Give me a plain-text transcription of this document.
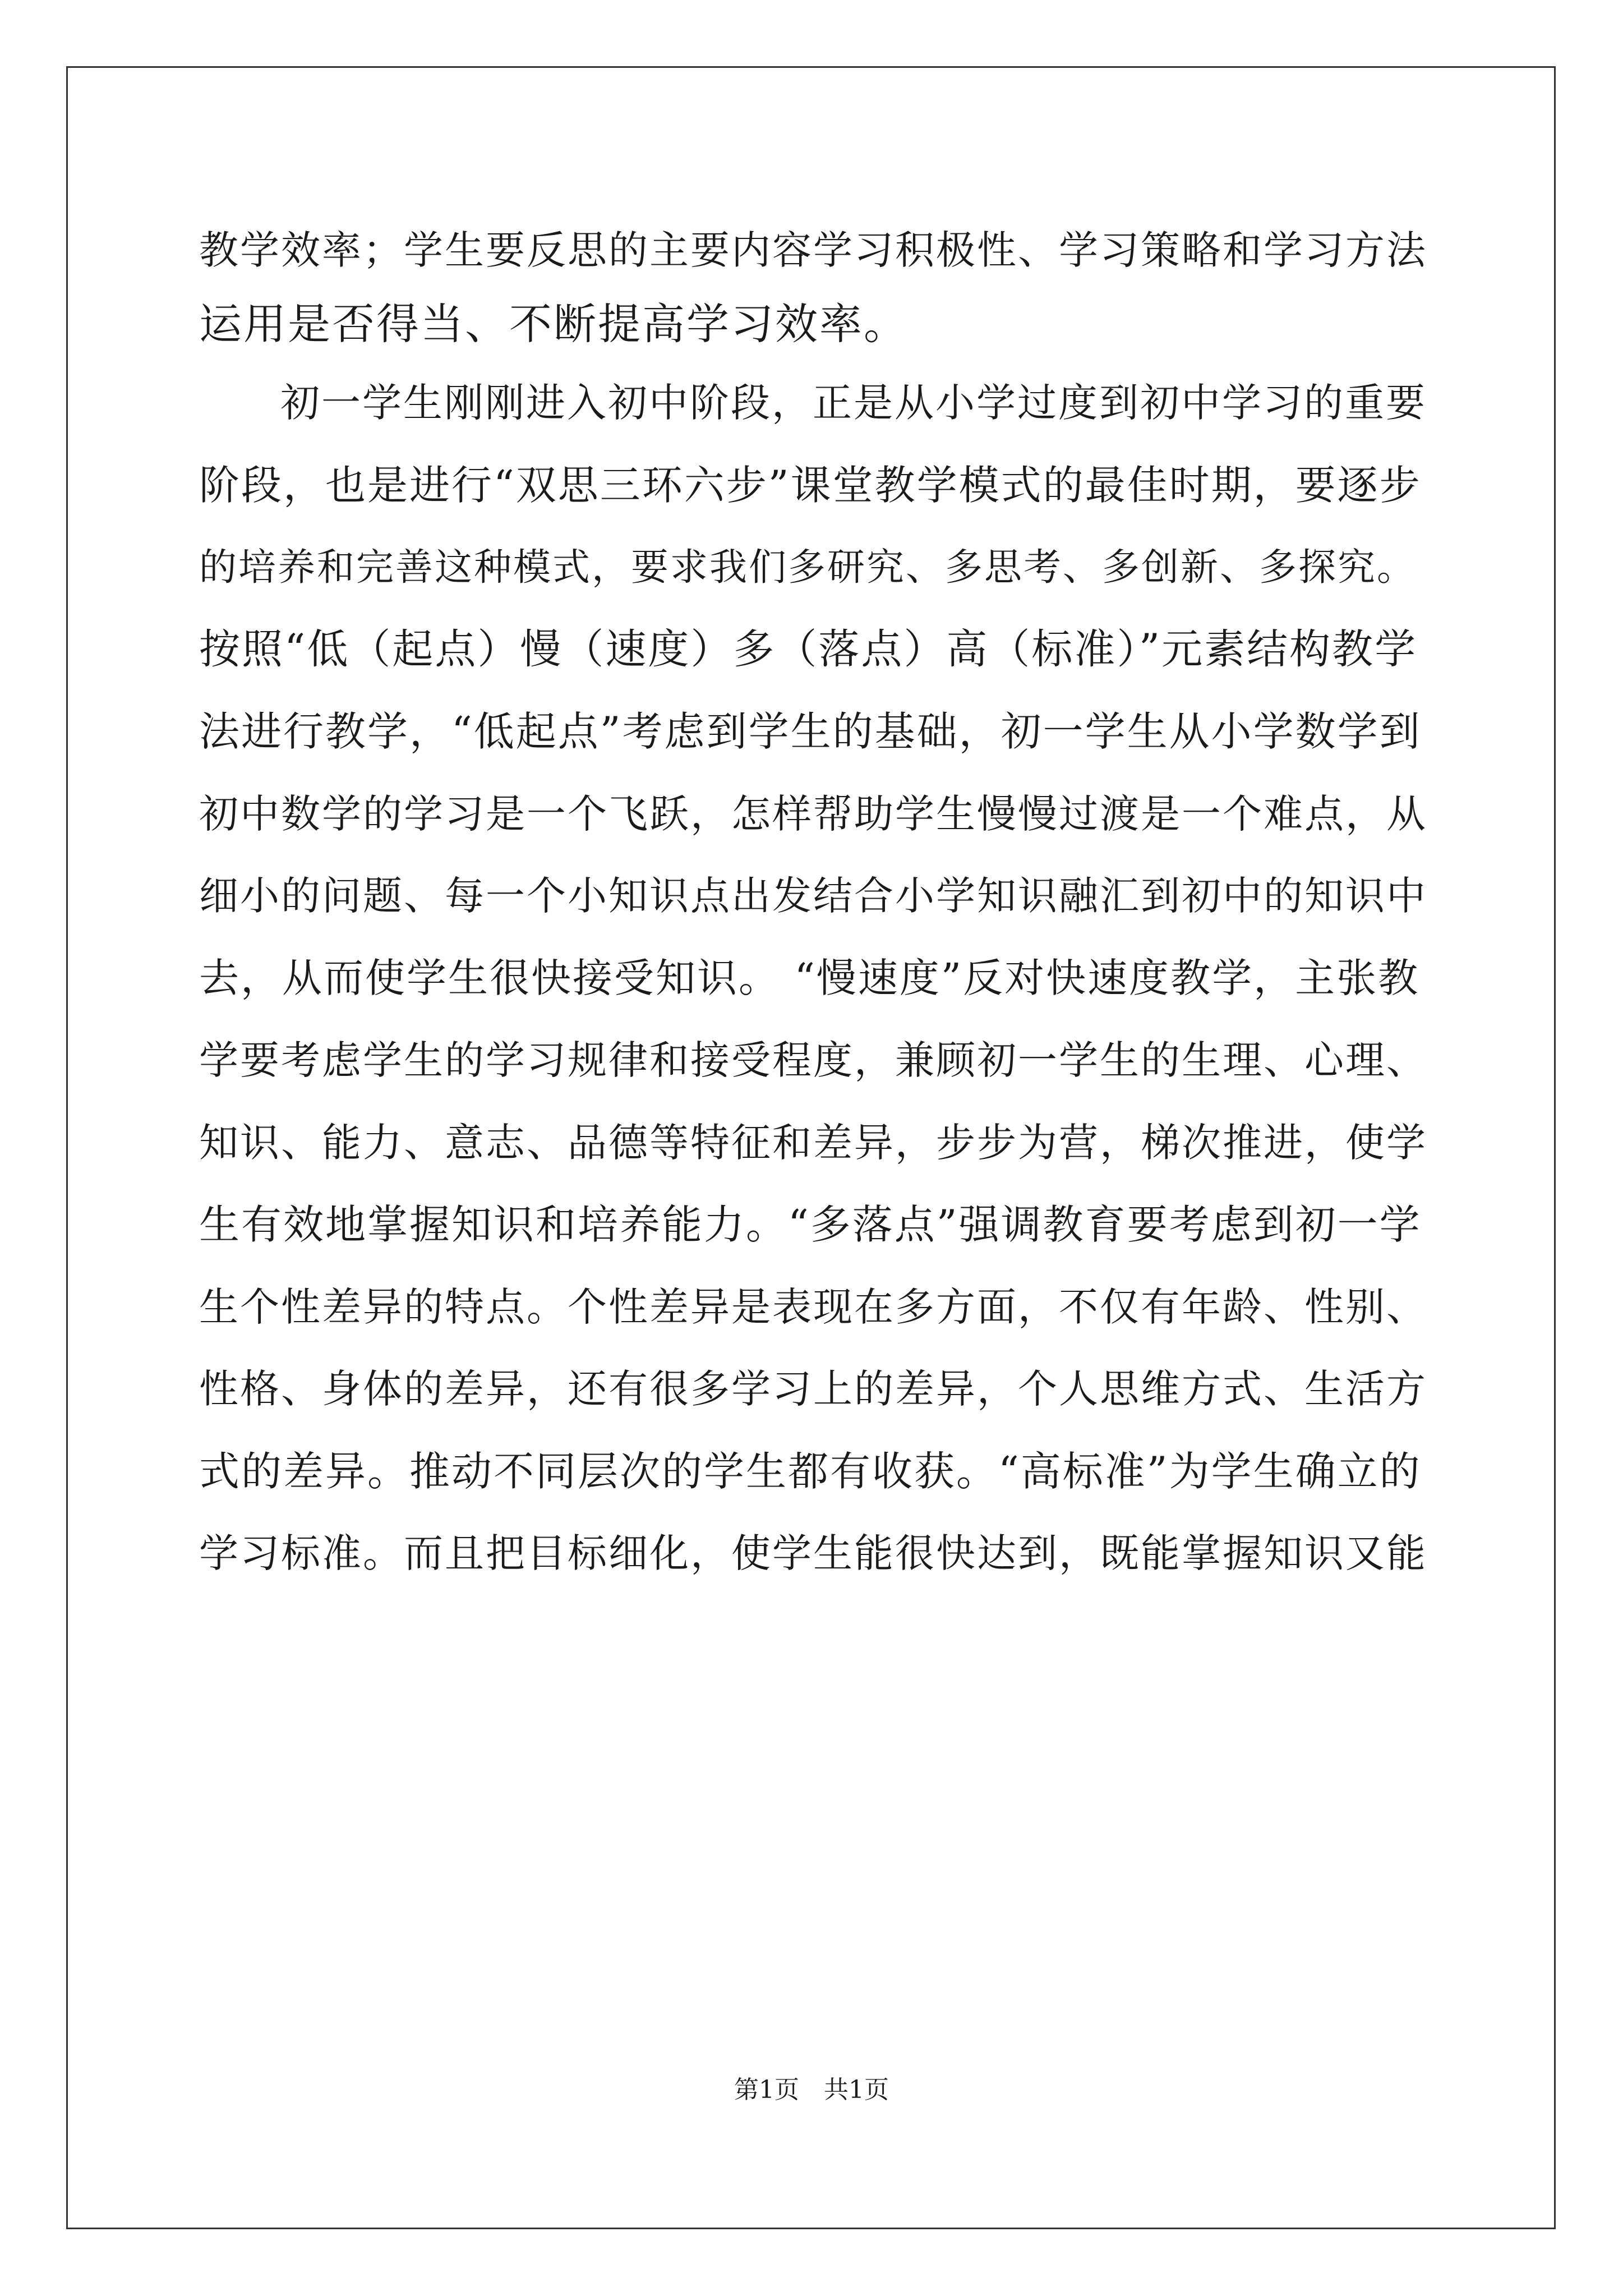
教学效率；学生要反思的主要内容学习积极性、学习策略和学习方法
运用是否得当、不断提高学习效率。
初一学生刚刚进入初中阶段，正是从小学过度到初中学习的重要
阶段，也是进行“双思三环六步”课堂教学模式的最佳时期，要逐步
的培养和完善这种模式，要求我们多研究、多思考、多创新、多探究。
按照“低（起点）慢（速度）多（落点）高（标准）”元素结构教学
法进行教学，“低起点”考虑到学生的基础，初一学生从小学数学到
初中数学的学习是一个飞跃，怎样帮助学生慢慢过渡是一个难点，从
细小的问题、每一个小知识点出发结合小学知识融汇到初中的知识中
去，从而使学生很快接受知识。 “慢速度”反对快速度教学，主张教
学要考虑学生的学习规律和接受程度，兼顾初一学生的生理、心理、
知识、能力、意志、品德等特征和差异，步步为营，梯次推进，使学
生有效地掌握知识和培养能力。“多落点”强调教育要考虑到初一学
生个性差异的特点。个性差异是表现在多方面，不仅有年龄、性别、
性格、身体的差异，还有很多学习上的差异，个人思维方式、生活方
式的差异。推动不同层次的学生都有收获。“高标准”为学生确立的
学习标准。而且把目标细化，使学生能很快达到，既能掌握知识又能
第1页　共1页
